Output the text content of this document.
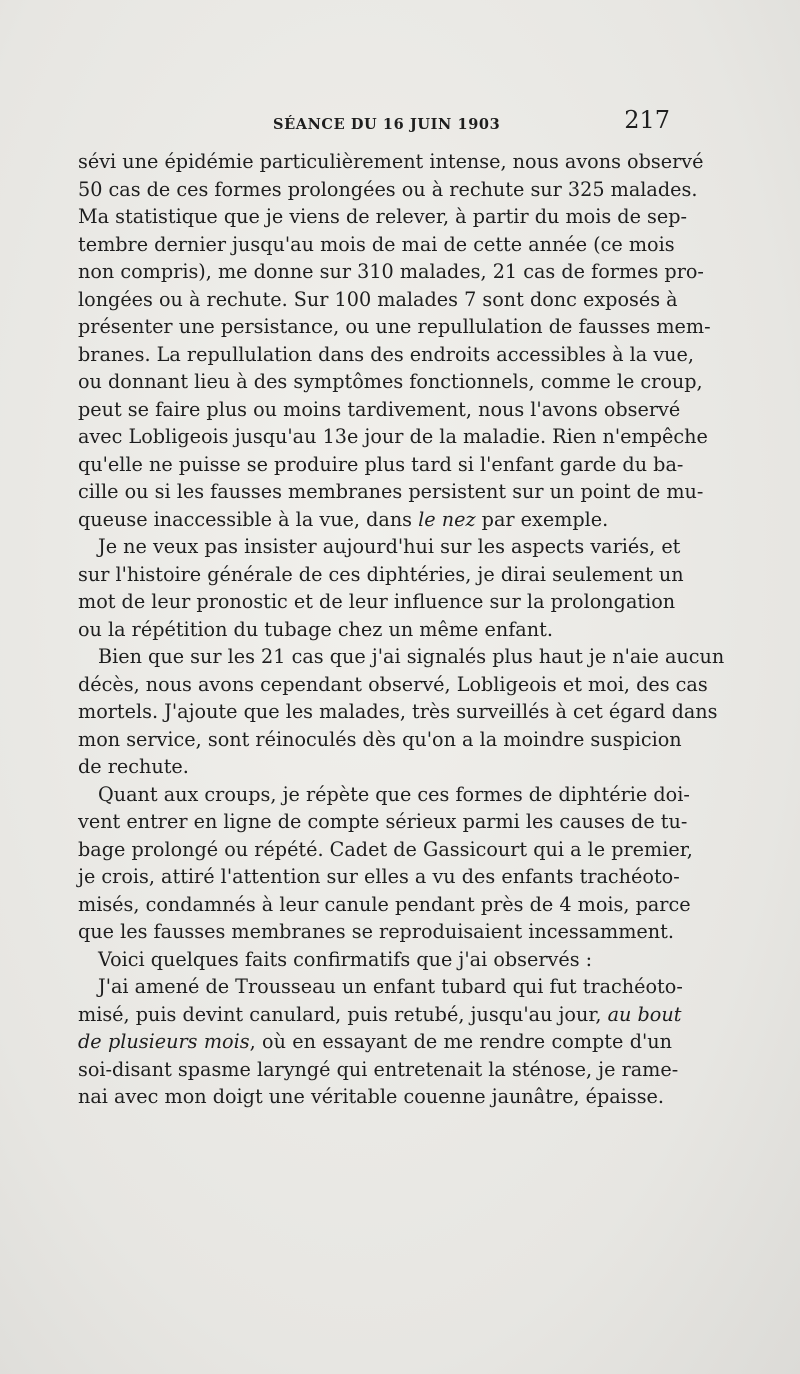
SÉANCE DU 16 JUIN 1903	217
sévi une épidémie particulièrement intense, nous avons observé
50 cas de ces formes prolongées ou à rechute sur 325 malades.
Ma statistique que je viens de relever, à partir du mois de sep-
tembre dernier jusqu'au mois de mai de cette année (ce mois
non compris), me donne sur 310 malades, 21 cas de formes pro-
longées ou à rechute. Sur 100 malades 7 sont donc exposés à
présenter une persistance, ou une repullulation de fausses mem-
branes. La repullulation dans des endroits accessibles à la vue,
ou donnant lieu à des symptômes fonctionnels, comme le croup,
peut se faire plus ou moins tardivement, nous l'avons observé
avec Lobligeois jusqu'au 13e jour de la maladie. Rien n'empêche
qu'elle ne puisse se produire plus tard si l'enfant garde du ba-
cille ou si les fausses membranes persistent sur un point de mu-
queuse inaccessible à la vue, dans le nez par exemple.
Je ne veux pas insister aujourd'hui sur les aspects variés, et
sur l'histoire générale de ces diphtéries, je dirai seulement un
mot de leur pronostic et de leur influence sur la prolongation
ou la répétition du tubage chez un même enfant.
Bien que sur les 21 cas que j'ai signalés plus haut je n'aie aucun
décès, nous avons cependant observé, Lobligeois et moi, des cas
mortels. J'ajoute que les malades, très surveillés à cet égard dans
mon service, sont réinoculés dès qu'on a la moindre suspicion
de rechute.
Quant aux croups, je répète que ces formes de diphtérie doi-
vent entrer en ligne de compte sérieux parmi les causes de tu-
bage prolongé ou répété. Cadet de Gassicourt qui a le premier,
je crois, attiré l'attention sur elles a vu des enfants trachéoto-
misés, condamnés à leur canule pendant près de 4 mois, parce
que les fausses membranes se reproduisaient incessamment.
Voici quelques faits confirmatifs que j'ai observés :
J'ai amené de Trousseau un enfant tubard qui fut trachéoto-
misé, puis devint canulard, puis retubé, jusqu'au jour, au bout
de plusieurs mois, où en essayant de me rendre compte d'un
soi-disant spasme laryngé qui entretenait la sténose, je rame-
nai avec mon doigt une véritable couenne jaunâtre, épaisse.
